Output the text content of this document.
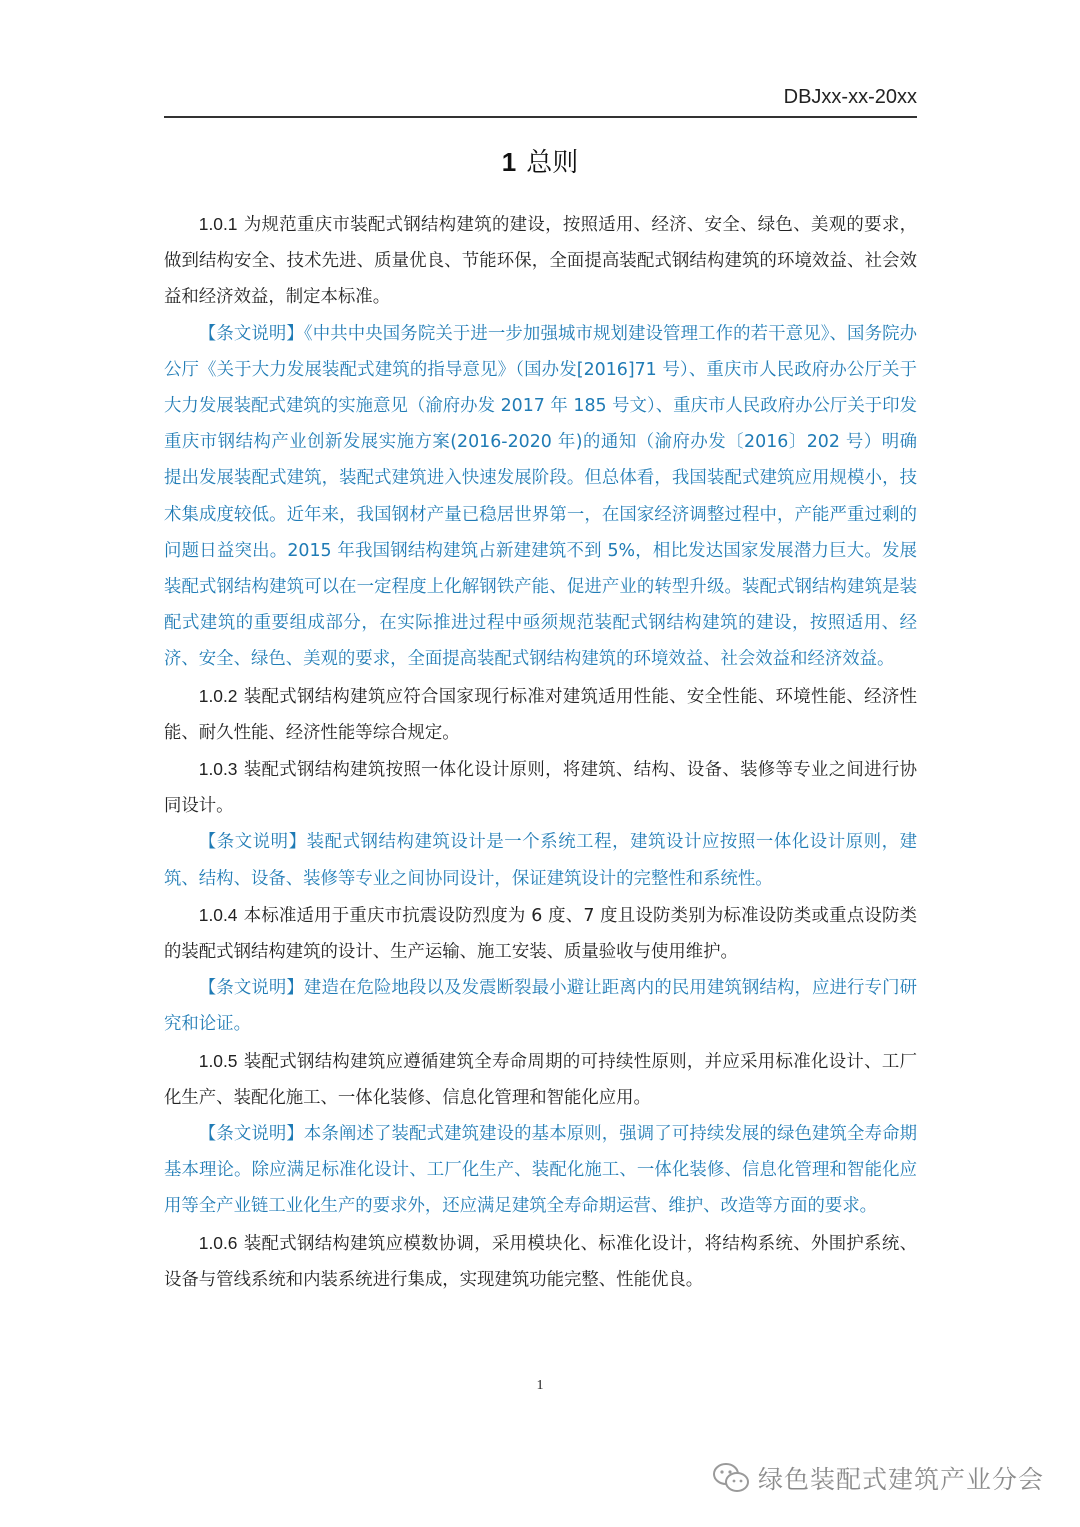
DBJxx-xx-20xx
1 总则

1.0.1 为规范重庆市装配式钢结构建筑的建设，按照适用、经济、安全、绿色、美观的要求，做到结构安全、技术先进、质量优良、节能环保，全面提高装配式钢结构建筑的环境效益、社会效益和经济效益，制定本标准。

【条文说明】《中共中央国务院关于进一步加强城市规划建设管理工作的若干意见》、国务院办公厅《关于大力发展装配式建筑的指导意见》（国办发[2016]71 号）、重庆市人民政府办公厅关于大力发展装配式建筑的实施意见（渝府办发 2017 年 185 号文）、重庆市人民政府办公厅关于印发重庆市钢结构产业创新发展实施方案(2016-2020 年)的通知（渝府办发〔2016〕202 号）明确提出发展装配式建筑，装配式建筑进入快速发展阶段。但总体看，我国装配式建筑应用规模小，技术集成度较低。近年来，我国钢材产量已稳居世界第一，在国家经济调整过程中，产能严重过剩的问题日益突出。2015 年我国钢结构建筑占新建建筑不到 5%，相比发达国家发展潜力巨大。发展装配式钢结构建筑可以在一定程度上化解钢铁产能、促进产业的转型升级。装配式钢结构建筑是装配式建筑的重要组成部分，在实际推进过程中亟须规范装配式钢结构建筑的建设，按照适用、经济、安全、绿色、美观的要求，全面提高装配式钢结构建筑的环境效益、社会效益和经济效益。

1.0.2 装配式钢结构建筑应符合国家现行标准对建筑适用性能、安全性能、环境性能、经济性能、耐久性能、经济性能等综合规定。

1.0.3 装配式钢结构建筑按照一体化设计原则，将建筑、结构、设备、装修等专业之间进行协同设计。

【条文说明】装配式钢结构建筑设计是一个系统工程，建筑设计应按照一体化设计原则，建筑、结构、设备、装修等专业之间协同设计，保证建筑设计的完整性和系统性。

1.0.4 本标准适用于重庆市抗震设防烈度为 6 度、7 度且设防类别为标准设防类或重点设防类的装配式钢结构建筑的设计、生产运输、施工安装、质量验收与使用维护。

【条文说明】建造在危险地段以及发震断裂最小避让距离内的民用建筑钢结构，应进行专门研究和论证。

1.0.5 装配式钢结构建筑应遵循建筑全寿命周期的可持续性原则，并应采用标准化设计、工厂化生产、装配化施工、一体化装修、信息化管理和智能化应用。

【条文说明】本条阐述了装配式建筑建设的基本原则，强调了可持续发展的绿色建筑全寿命期基本理论。除应满足标准化设计、工厂化生产、装配化施工、一体化装修、信息化管理和智能化应用等全产业链工业化生产的要求外，还应满足建筑全寿命期运营、维护、改造等方面的要求。

1.0.6 装配式钢结构建筑应模数协调，采用模块化、标准化设计，将结构系统、外围护系统、设备与管线系统和内装系统进行集成，实现建筑功能完整、性能优良。

1
绿色装配式建筑产业分会
